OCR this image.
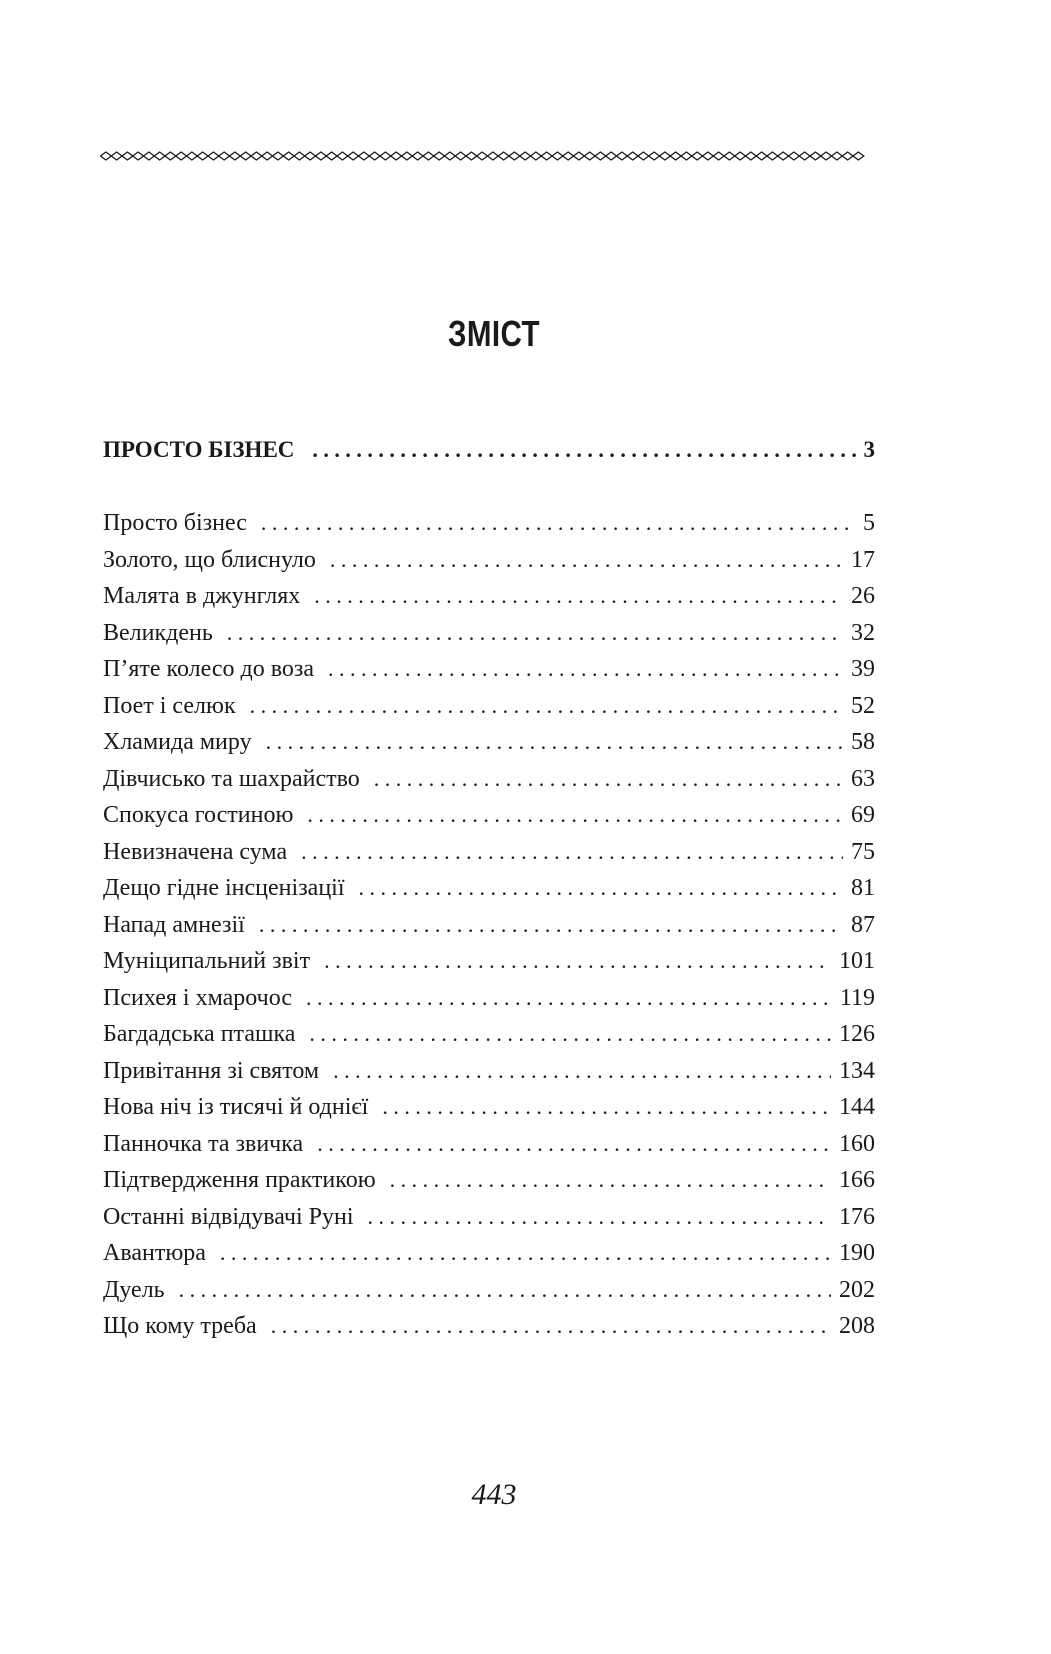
ЗМІСТ
ПРОСТО БІЗНЕС . . .	3
Просто бізнес . . .	5
Золото, що блиснуло . . .	17
Малята в джунглях . . .	26
Великдень . . .	32
П’яте колесо до воза . . .	39
Поет і селюк . . .	52
Хламида миру . . .	58
Дівчисько та шахрайство . . .	63
Спокуса гостиною . . .	69
Невизначена сума . . .	75
Дещо гідне інсценізації . . .	81
Напад амнезії . . .	87
Муніципальний звіт . . .	101
Психея і хмарочос . . .	119
Багдадська пташка . . .	126
Привітання зі святом . . .	134
Нова ніч із тисячі й однієї . . .	144
Панночка та звичка . . .	160
Підтвердження практикою . . .	166
Останні відвідувачі Руні . . .	176
Авантюра . . .	190
Дуель . . .	202
Що кому треба . . .	208
443
